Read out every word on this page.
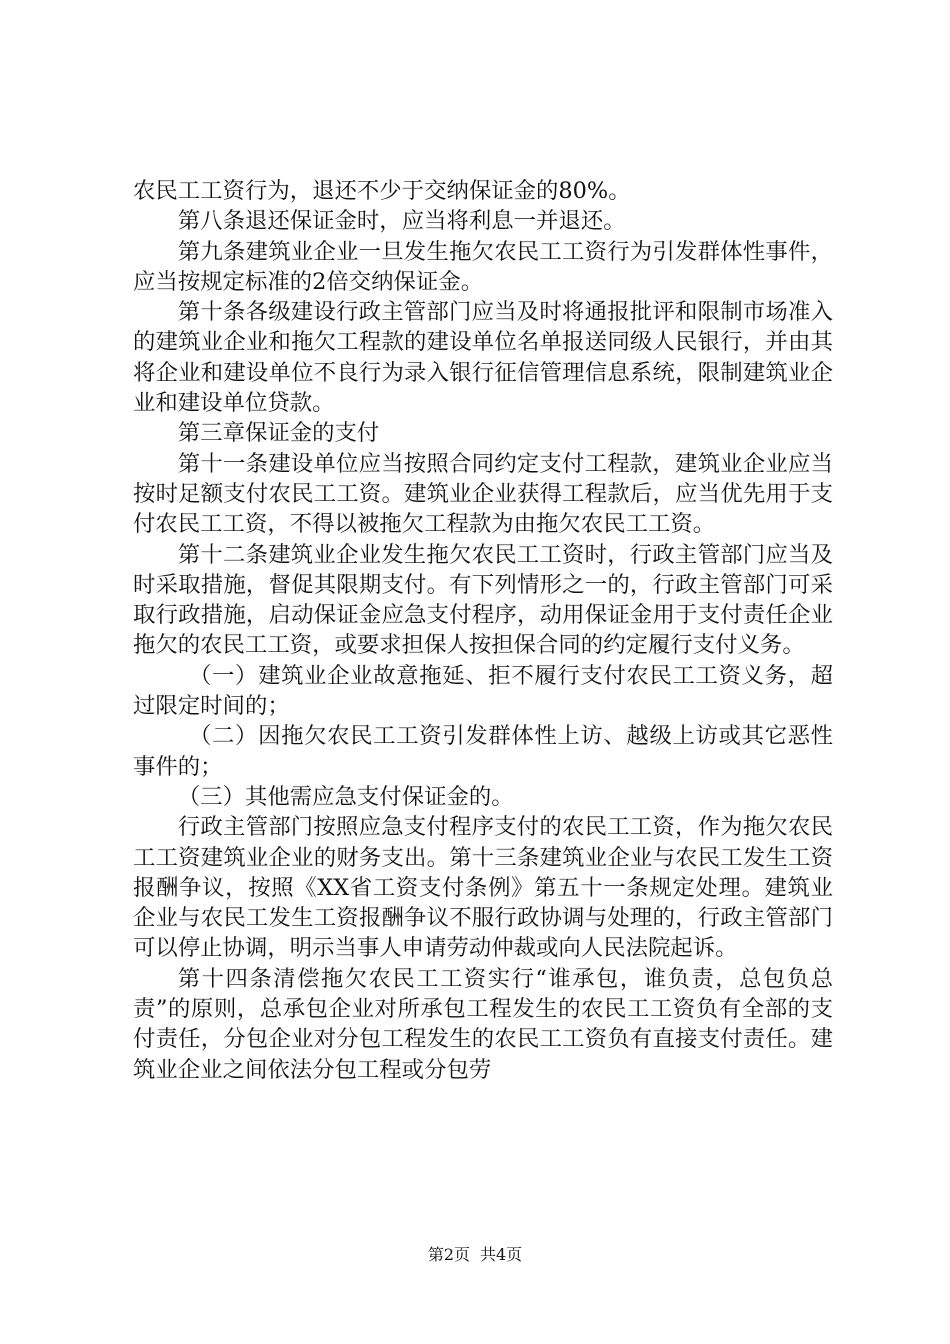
农民工工资行为，退还不少于交纳保证金的80%。

第八条退还保证金时，应当将利息一并退还。

第九条建筑业企业一旦发生拖欠农民工工资行为引发群体性事件，应当按规定标准的2倍交纳保证金。

第十条各级建设行政主管部门应当及时将通报批评和限制市场准入的建筑业企业和拖欠工程款的建设单位名单报送同级人民银行，并由其将企业和建设单位不良行为录入银行征信管理信息系统，限制建筑业企业和建设单位贷款。

第三章保证金的支付

第十一条建设单位应当按照合同约定支付工程款，建筑业企业应当按时足额支付农民工工资。建筑业企业获得工程款后，应当优先用于支付农民工工资，不得以被拖欠工程款为由拖欠农民工工资。

第十二条建筑业企业发生拖欠农民工工资时，行政主管部门应当及时采取措施，督促其限期支付。有下列情形之一的，行政主管部门可采取行政措施，启动保证金应急支付程序，动用保证金用于支付责任企业拖欠的农民工工资，或要求担保人按担保合同的约定履行支付义务。

（一）建筑业企业故意拖延、拒不履行支付农民工工资义务，超过限定时间的；

（二）因拖欠农民工工资引发群体性上访、越级上访或其它恶性事件的；

（三）其他需应急支付保证金的。

行政主管部门按照应急支付程序支付的农民工工资，作为拖欠农民工工资建筑业企业的财务支出。第十三条建筑业企业与农民工发生工资报酬争议，按照《XX省工资支付条例》第五十一条规定处理。建筑业企业与农民工发生工资报酬争议不服行政协调与处理的，行政主管部门可以停止协调，明示当事人申请劳动仲裁或向人民法院起诉。

第十四条清偿拖欠农民工工资实行“谁承包，谁负责，总包负总责”的原则，总承包企业对所承包工程发生的农民工工资负有全部的支付责任，分包企业对分包工程发生的农民工工资负有直接支付责任。建筑业企业之间依法分包工程或分包劳

第2页 共4页
